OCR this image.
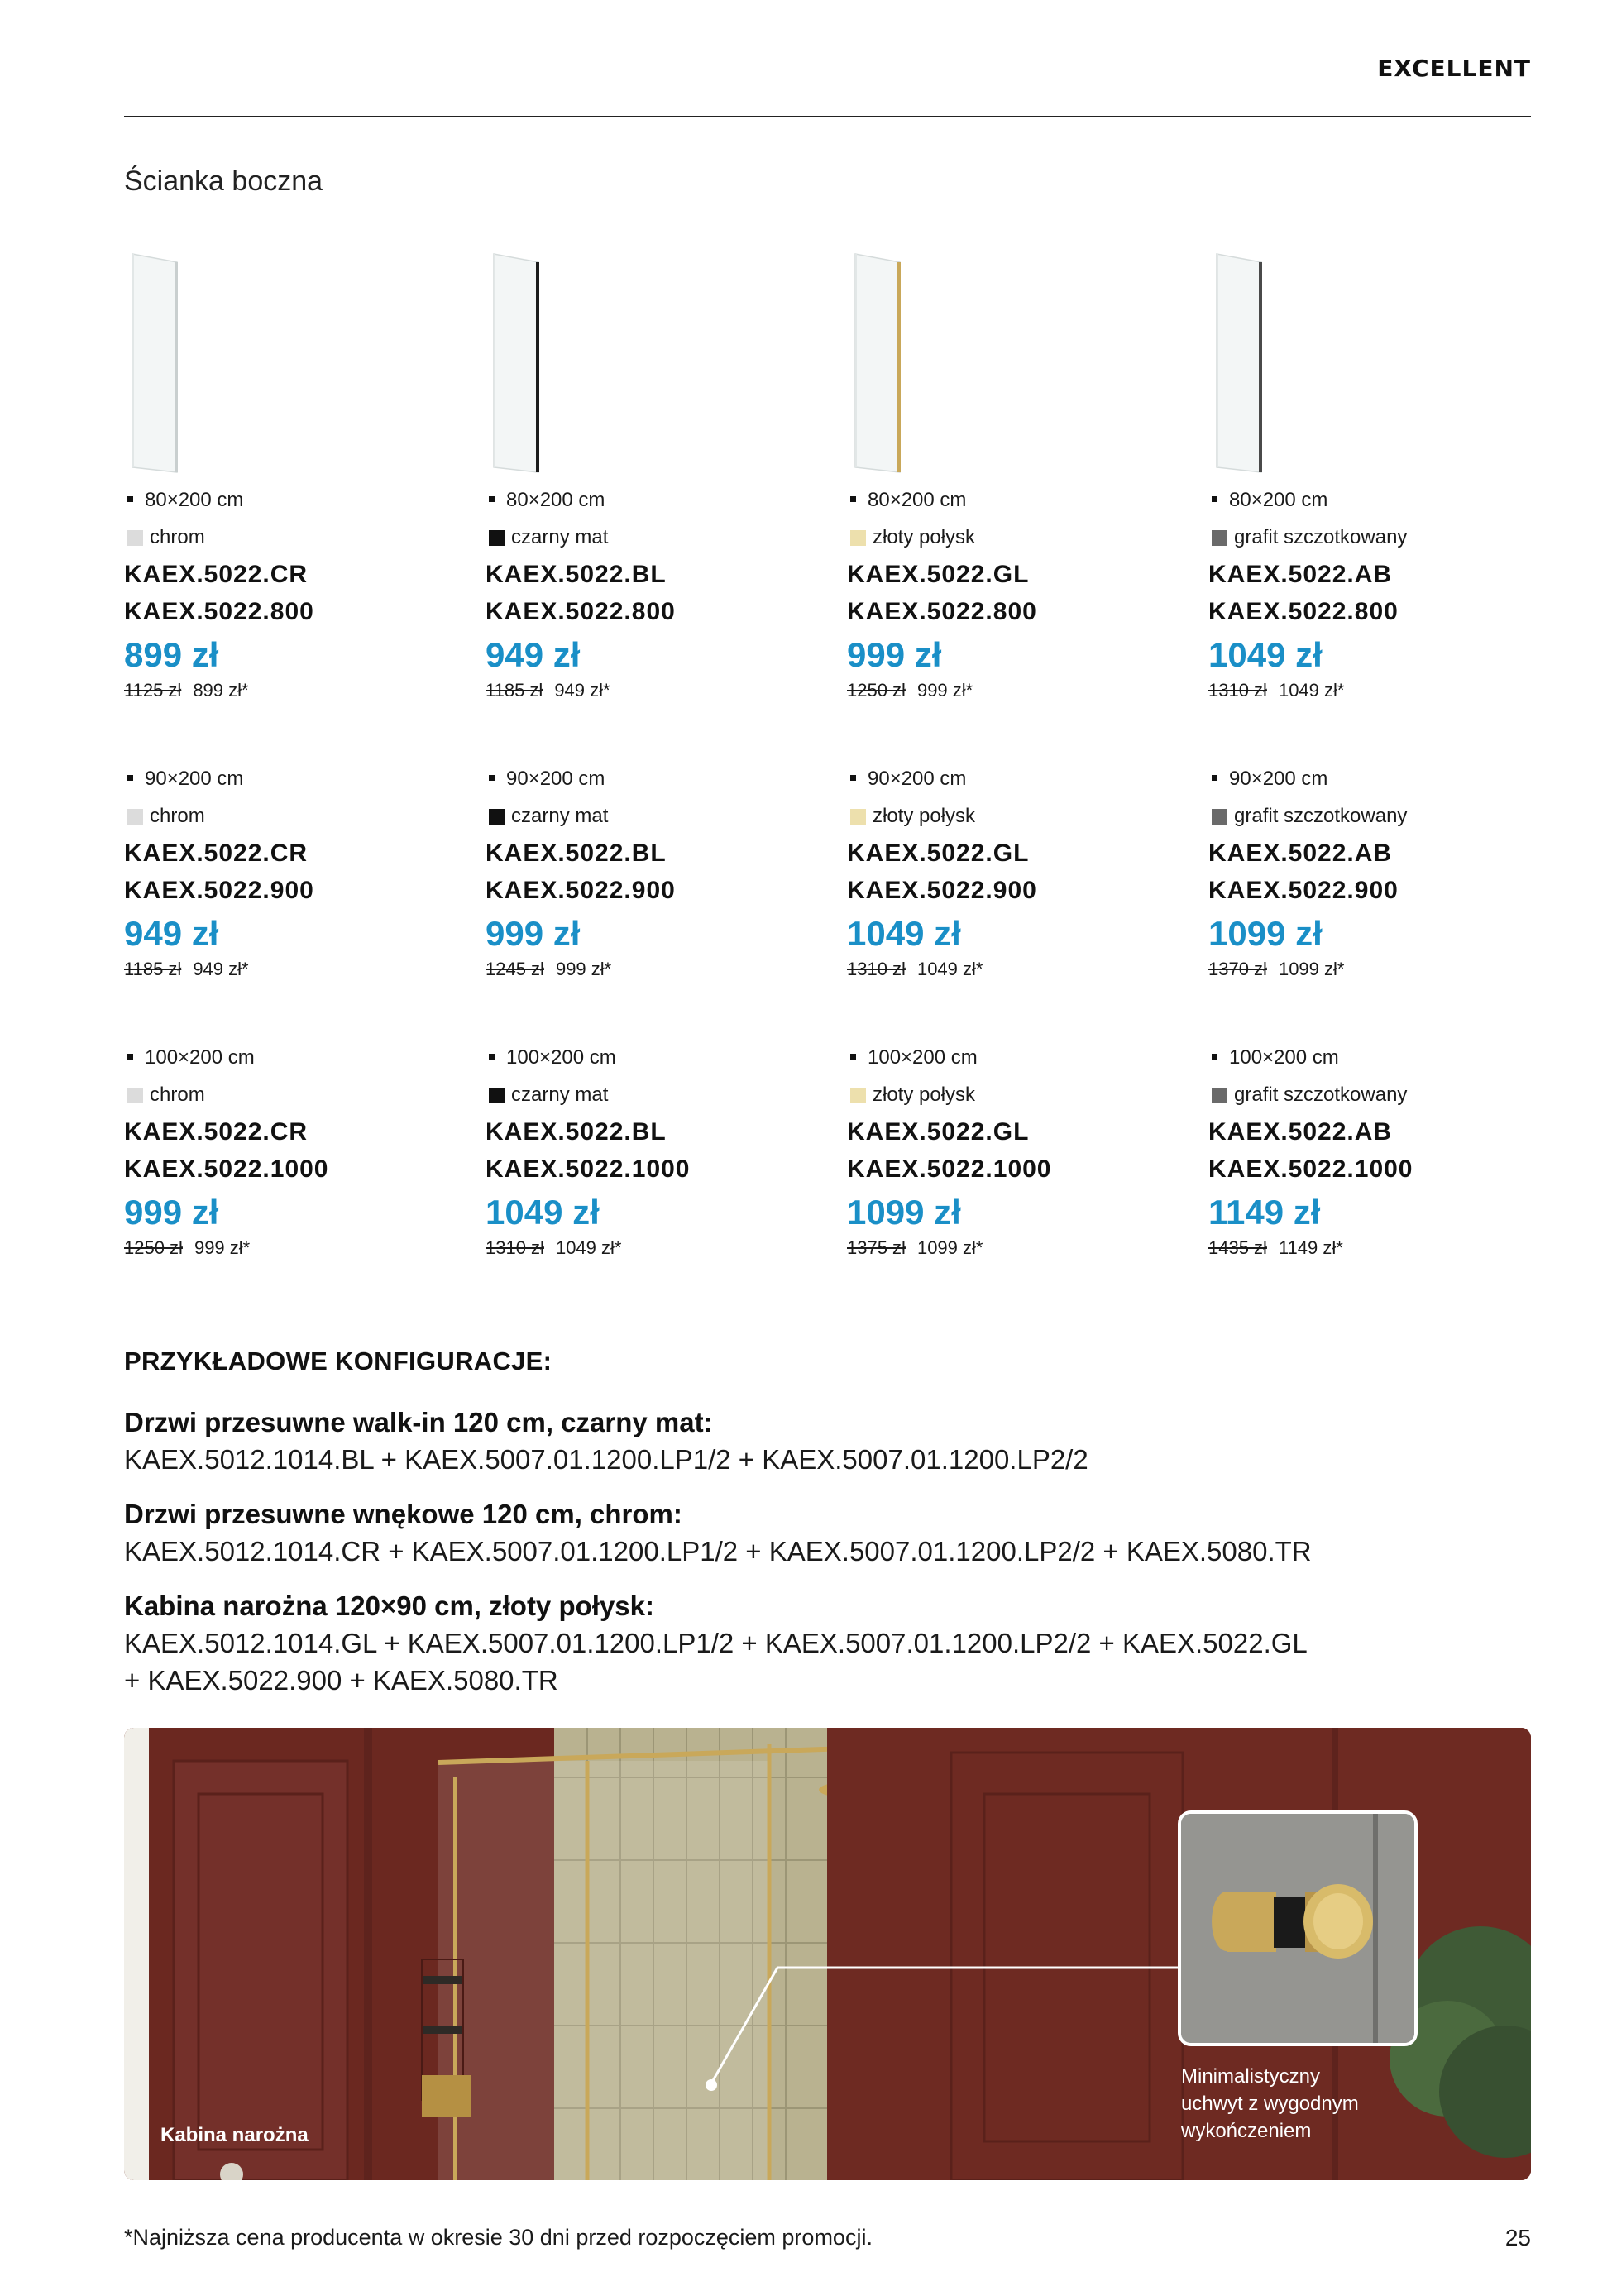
EXCELLENT
Ścianka boczna
80×200 cm
chrom
KAEX.5022.CR
KAEX.5022.800
899 zł
1125 zł 899 zł*
80×200 cm
czarny mat
KAEX.5022.BL
KAEX.5022.800
949 zł
1185 zł 949 zł*
80×200 cm
złoty połysk
KAEX.5022.GL
KAEX.5022.800
999 zł
1250 zł 999 zł*
80×200 cm
grafit szczotkowany
KAEX.5022.AB
KAEX.5022.800
1049 zł
1310 zł 1049 zł*
90×200 cm
chrom
KAEX.5022.CR
KAEX.5022.900
949 zł
1185 zł 949 zł*
90×200 cm
czarny mat
KAEX.5022.BL
KAEX.5022.900
999 zł
1245 zł 999 zł*
90×200 cm
złoty połysk
KAEX.5022.GL
KAEX.5022.900
1049 zł
1310 zł 1049 zł*
90×200 cm
grafit szczotkowany
KAEX.5022.AB
KAEX.5022.900
1099 zł
1370 zł 1099 zł*
100×200 cm
chrom
KAEX.5022.CR
KAEX.5022.1000
999 zł
1250 zł 999 zł*
100×200 cm
czarny mat
KAEX.5022.BL
KAEX.5022.1000
1049 zł
1310 zł 1049 zł*
100×200 cm
złoty połysk
KAEX.5022.GL
KAEX.5022.1000
1099 zł
1375 zł 1099 zł*
100×200 cm
grafit szczotkowany
KAEX.5022.AB
KAEX.5022.1000
1149 zł
1435 zł 1149 zł*
PRZYKŁADOWE KONFIGURACJE:
Drzwi przesuwne walk-in 120 cm, czarny mat:
KAEX.5012.1014.BL + KAEX.5007.01.1200.LP1/2 + KAEX.5007.01.1200.LP2/2
Drzwi przesuwne wnękowe 120 cm, chrom:
KAEX.5012.1014.CR + KAEX.5007.01.1200.LP1/2 + KAEX.5007.01.1200.LP2/2 + KAEX.5080.TR
Kabina narożna 120×90 cm, złoty połysk:
KAEX.5012.1014.GL + KAEX.5007.01.1200.LP1/2 + KAEX.5007.01.1200.LP2/2 + KAEX.5022.GL
+ KAEX.5022.900 + KAEX.5080.TR
Kabina narożna
Minimalistyczny
uchwyt z wygodnym
wykończeniem
*Najniższa cena producenta w okresie 30 dni przed rozpoczęciem promocji.	25
